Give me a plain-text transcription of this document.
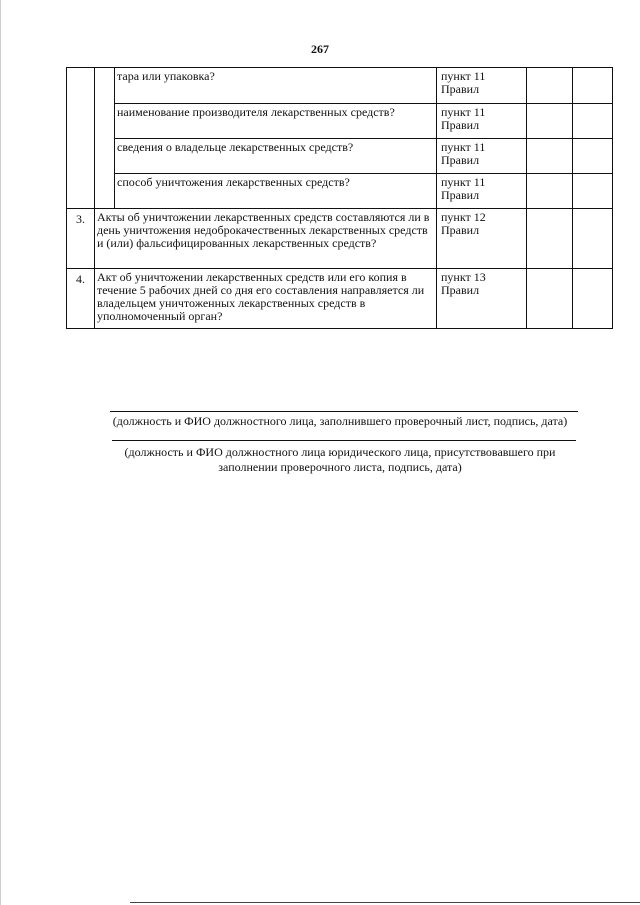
267
		тара или упаковка?	пункт 11 Правил		
		наименование производителя лекарственных средств?	пункт 11 Правил		
		сведения о владельце лекарственных средств?	пункт 11 Правил		
		способ уничтожения лекарственных средств?	пункт 11 Правил		
3.	Акты об уничтожении лекарственных средств составляются ли в день уничтожения недоброкачественных лекарственных средств и (или) фальсифицированных лекарственных средств?		пункт 12 Правил		
4.	Акт об уничтожении лекарственных средств или его копия в течение 5 рабочих дней со дня его составления направляется ли владельцем уничтоженных лекарственных средств в уполномоченный орган?		пункт 13 Правил		
(должность и ФИО должностного лица, заполнившего проверочный лист, подпись, дата)
(должность и ФИО должностного лица юридического лица, присутствовавшего при заполнении проверочного листа, подпись, дата)
